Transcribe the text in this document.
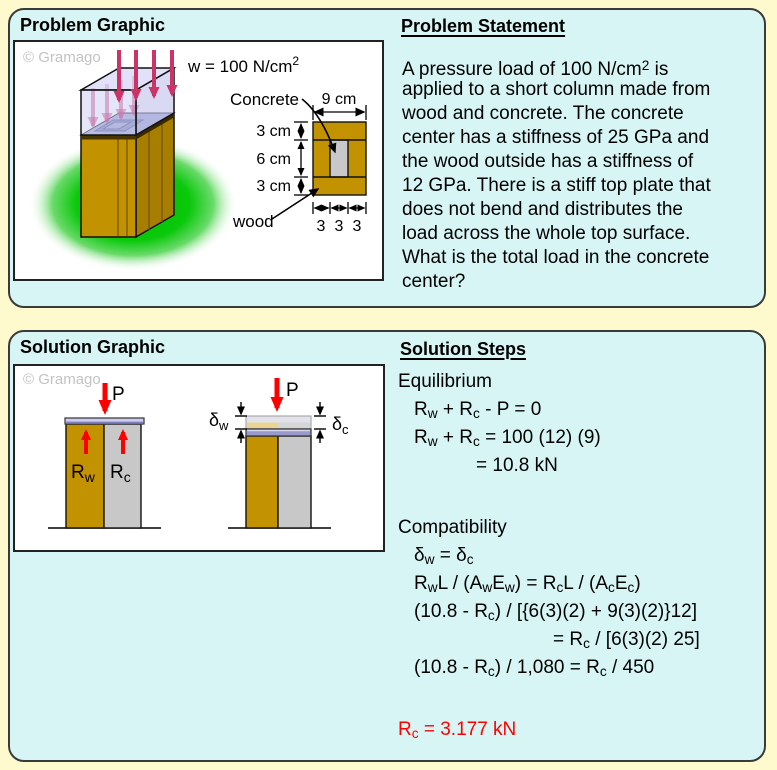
Problem Graphic
© Gramago	w = 100 $N/cm^2$
9 cm
3 cm
6 cm
3 cm
3 3 3
Concrete
wood
Problem Statement
A pressure load of 100 $N/cm^2$ is
applied to a short column made from
wood and concrete. The concrete
center has a stiffness of 25 GPa and
the wood outside has a stiffness of
12 GPa. There is a stiff top plate that
does not bend and distributes the
load across the whole top surface.
What is the total load in the concrete
center?
Solution Graphic
© Gramago
P
$R_w$ $R_c$
P
$\delta_w$	$\delta_c$
Solution Steps
Equilibrium
Rw + Rc - P = 0
Rw + Rc = 100 (12) (9)
= 10.8 kN
Compatibility
δw = δc
RwL / (AwEw) = RcL / (AcEc)
(10.8 - Rc) / [{6(3)(2) + 9(3)(2)}12]
= Rc / [6(3)(2) 25]
(10.8 - Rc) / 1,080 = Rc / 450
Rc = 3.177 kN
